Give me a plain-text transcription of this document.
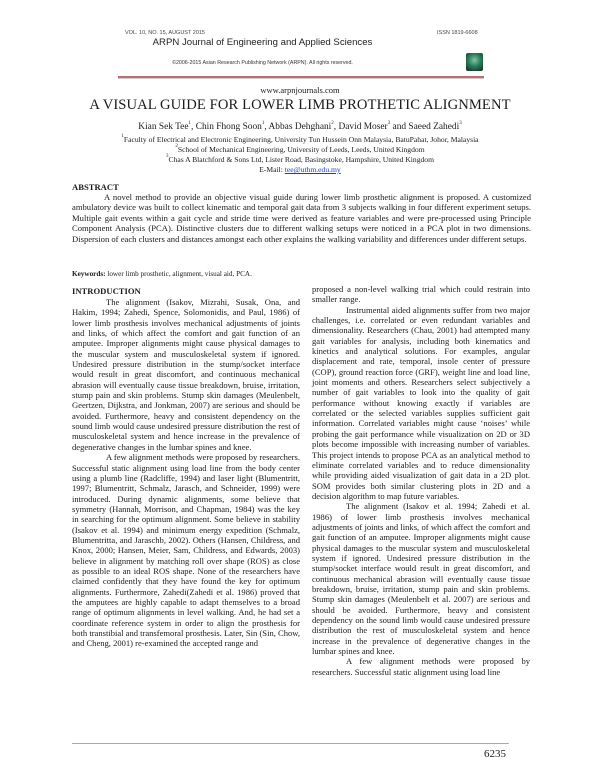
VOL. 10, NO. 15, AUGUST 2015	ISSN 1819-6608
ARPN Journal of Engineering and Applied Sciences
©2006-2015 Asian Research Publishing Network (ARPN). All rights reserved.
www.arpnjournals.com
A VISUAL GUIDE FOR LOWER LIMB PROTHETIC ALIGNMENT
Kian Sek Tee$^1$, Chin Fhong Soon$^1$, Abbas Dehghani$^2$, David Moser$^3$ and Saeed Zahedi$^3$
$^1$Faculty of Electrical and Electronic Engineering, University Tun Hussein Onn Malaysia, BatuPahat, Johor, Malaysia
$^2$School of Mechanical Engineering, University of Leeds, Leeds, United Kingdom
$^3$Chas A Blatchford & Sons Ltd, Lister Road, Basingstoke, Hampshire, United Kingdom
E-Mail: tee@uthm.edu.my
ABSTRACT
A novel method to provide an objective visual guide during lower limb prosthetic alignment is proposed. A customized ambulatory device was built to collect kinematic and temporal gait data from 3 subjects walking in four different experiment setups. Multiple gait events within a gait cycle and stride time were derived as feature variables and were pre-processed using Principle Component Analysis (PCA). Distinctive clusters due to different walking setups were noticed in a PCA plot in two dimensions. Dispersion of each clusters and distances amongst each other explains the walking variability and differences under different setups.
Keywords: lower limb prosthetic, alignment, visual aid, PCA.
INTRODUCTION

The alignment (Isakov, Mizrahi, Susak, Ona, and Hakim, 1994; Zahedi, Spence, Solomonidis, and Paul, 1986) of lower limb prosthesis involves mechanical adjustments of joints and links, of which affect the comfort and gait function of an amputee. Improper alignments might cause physical damages to the muscular system and musculoskeletal system if ignored. Undesired pressure distribution in the stump/socket interface would result in great discomfort, and continuous mechanical abrasion will eventually cause tissue breakdown, bruise, irritation, stump pain and skin problems. Stump skin damages (Meulenbelt, Geertzen, Dijkstra, and Jonkman, 2007) are serious and should be avoided. Furthermore, heavy and consistent dependency on the sound limb would cause undesired pressure distribution the rest of musculoskeletal system and hence increase in the prevalence of degenerative changes in the lumbar spines and knee.

A few alignment methods were proposed by researchers. Successful static alignment using load line from the body center using a plumb line (Radcliffe, 1994) and laser light (Blumentritt, 1997; Blumentritt, Schmalz, Jarasch, and Schneider, 1999) were introduced. During dynamic alignments, some believe that symmetry (Hannah, Morrison, and Chapman, 1984) was the key in searching for the optimum alignment. Some believe in stability (Isakov et al. 1994) and minimum energy expedition (Schmalz, Blumentritta, and Jaraschb, 2002). Others (Hansen, Childress, and Knox, 2000; Hansen, Meier, Sam, Childress, and Edwards, 2003) believe in alignment by matching roll over shape (ROS) as close as possible to an ideal ROS shape. None of the researchers have claimed confidently that they have found the key for optimum alignments. Furthermore, Zahedi(Zahedi et al. 1986) proved that the amputees are highly capable to adapt themselves to a broad range of optimum alignments in level walking. And, he had set a coordinate reference system in order to align the prosthesis for both transtibial and transfemoral prosthesis. Later, Sin (Sin, Chow, and Cheng, 2001) re-examined the accepted range and

proposed a non-level walking trial which could restrain into smaller range.

Instrumental aided alignments suffer from two major challenges, i.e. correlated or even redundant variables and dimensionality. Researchers (Chau, 2001) had attempted many gait variables for analysis, including both kinematics and kinetics and analytical solutions. For examples, angular displacement and rate, temporal, insole center of pressure (COP), ground reaction force (GRF), weight line and load line, joint moments and others. Researchers select subjectively a number of gait variables to look into the quality of gait performance without knowing exactly if variables are correlated or the selected variables supplies sufficient gait information. Correlated variables might cause ‘noises’ while probing the gait performance while visualization on 2D or 3D plots become impossible with increasing number of variables. This project intends to propose PCA as an analytical method to eliminate correlated variables and to reduce dimensionality while providing aided visualization of gait data in a 2D plot. SOM provides both similar clustering plots in 2D and a decision algorithm to map future variables.

The alignment (Isakov et al. 1994; Zahedi et al. 1986) of lower limb prosthesis involves mechanical adjustments of joints and links, of which affect the comfort and gait function of an amputee. Improper alignments might cause physical damages to the muscular system and musculoskeletal system if ignored. Undesired pressure distribution in the stump/socket interface would result in great discomfort, and continuous mechanical abrasion will eventually cause tissue breakdown, bruise, irritation, stump pain and skin problems. Stump skin damages (Meulenbelt et al. 2007) are serious and should be avoided. Furthermore, heavy and consistent dependency on the sound limb would cause undesired pressure distribution the rest of musculoskeletal system and hence increase in the prevalence of degenerative changes in the lumbar spines and knee.

A few alignment methods were proposed by researchers. Successful static alignment using load line

6235
